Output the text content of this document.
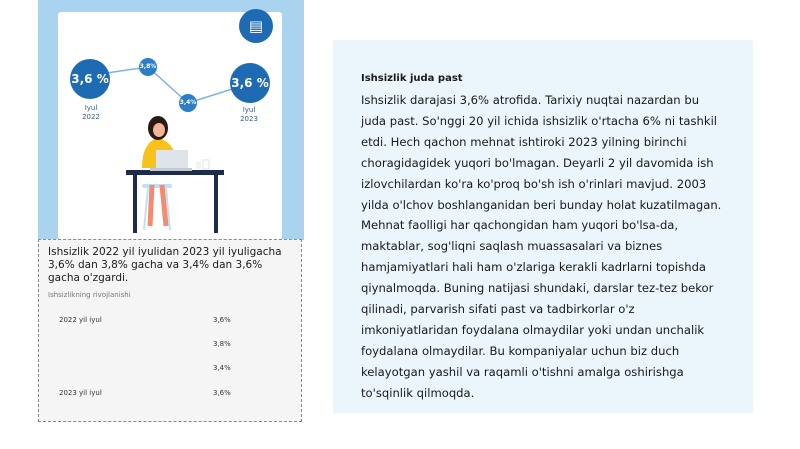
▤
3,6 %
Iyul
2022
3,8%
3,4%
3,6 %
Iyul
2023
Ishsizlik 2022 yil iyulidan 2023 yil iyuligacha 3,6% dan 3,8% gacha va 3,4% dan 3,6% gacha o'zgardi.
Ishsizlikning rivojlanishi
2022 yil iyul	3,6%
3,8%
3,4%
2023 yil iyul	3,6%
Ishsizlik juda past
Ishsizlik darajasi 3,6% atrofida. Tarixiy nuqtai nazardan bu juda past. So'nggi 20 yil ichida ishsizlik o'rtacha 6% ni tashkil etdi. Hech qachon mehnat ishtiroki 2023 yilning birinchi choragidagidek yuqori bo'lmagan. Deyarli 2 yil davomida ish izlovchilardan ko'ra ko'proq bo'sh ish o'rinlari mavjud. 2003 yilda o'lchov boshlanganidan beri bunday holat kuzatilmagan. Mehnat faolligi har qachongidan ham yuqori bo'lsa-da, maktablar, sog'liqni saqlash muassasalari va biznes hamjamiyatlari hali ham o'zlariga kerakli kadrlarni topishda qiynalmoqda. Buning natijasi shundaki, darslar tez-tez bekor qilinadi, parvarish sifati past va tadbirkorlar o'z imkoniyatlaridan foydalana olmaydilar yoki undan unchalik foydalana olmaydilar. Bu kompaniyalar uchun biz duch kelayotgan yashil va raqamli o'tishni amalga oshirishga to'sqinlik qilmoqda.
